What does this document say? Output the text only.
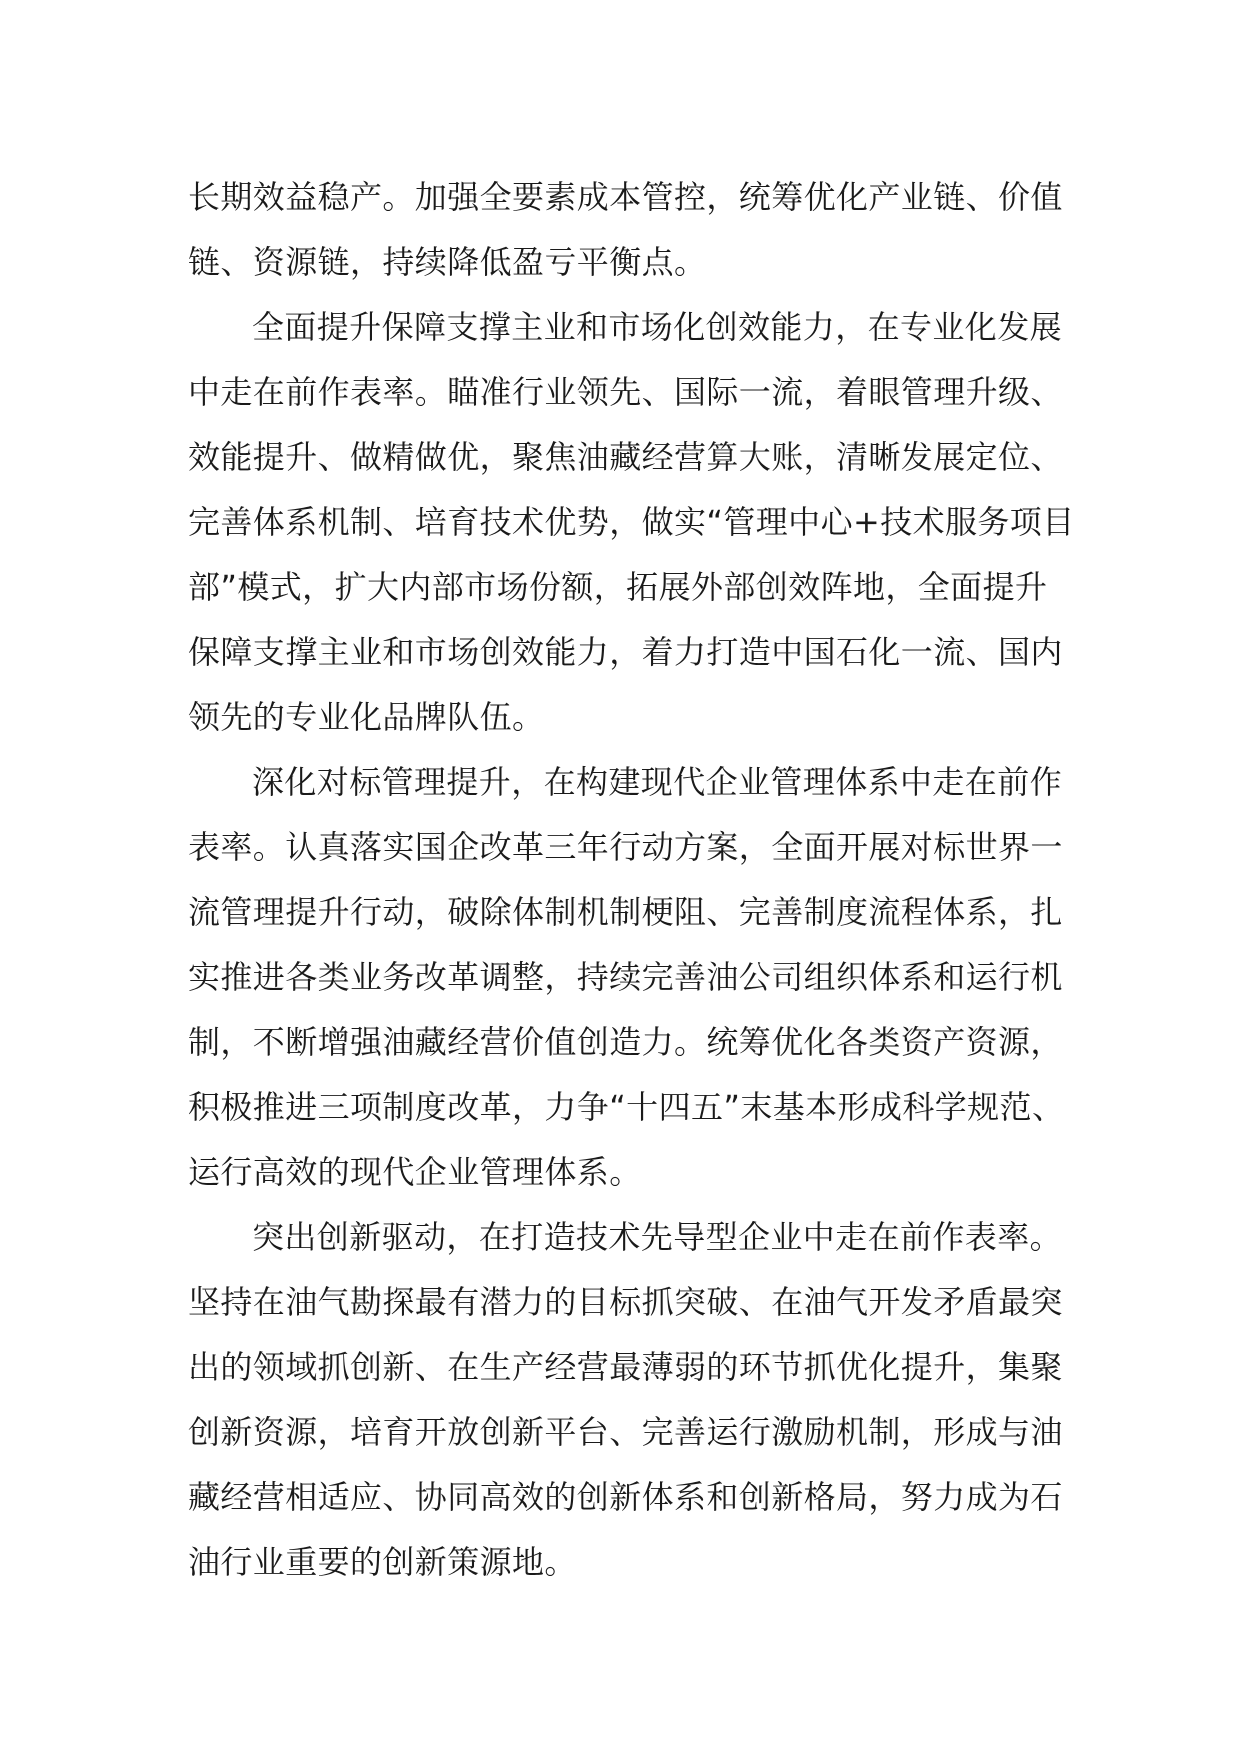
长期效益稳产。加强全要素成本管控，统筹优化产业链、价值
链、资源链，持续降低盈亏平衡点。
全面提升保障支撑主业和市场化创效能力，在专业化发展
中走在前作表率。瞄准行业领先、国际一流，着眼管理升级、
效能提升、做精做优，聚焦油藏经营算大账，清晰发展定位、
完善体系机制、培育技术优势，做实“管理中心+技术服务项目
部”模式，扩大内部市场份额，拓展外部创效阵地，全面提升
保障支撑主业和市场创效能力，着力打造中国石化一流、国内
领先的专业化品牌队伍。
深化对标管理提升，在构建现代企业管理体系中走在前作
表率。认真落实国企改革三年行动方案，全面开展对标世界一
流管理提升行动，破除体制机制梗阻、完善制度流程体系，扎
实推进各类业务改革调整，持续完善油公司组织体系和运行机
制，不断增强油藏经营价值创造力。统筹优化各类资产资源，
积极推进三项制度改革，力争“十四五”末基本形成科学规范、
运行高效的现代企业管理体系。
突出创新驱动，在打造技术先导型企业中走在前作表率。
坚持在油气勘探最有潜力的目标抓突破、在油气开发矛盾最突
出的领域抓创新、在生产经营最薄弱的环节抓优化提升，集聚
创新资源，培育开放创新平台、完善运行激励机制，形成与油
藏经营相适应、协同高效的创新体系和创新格局，努力成为石
油行业重要的创新策源地。
